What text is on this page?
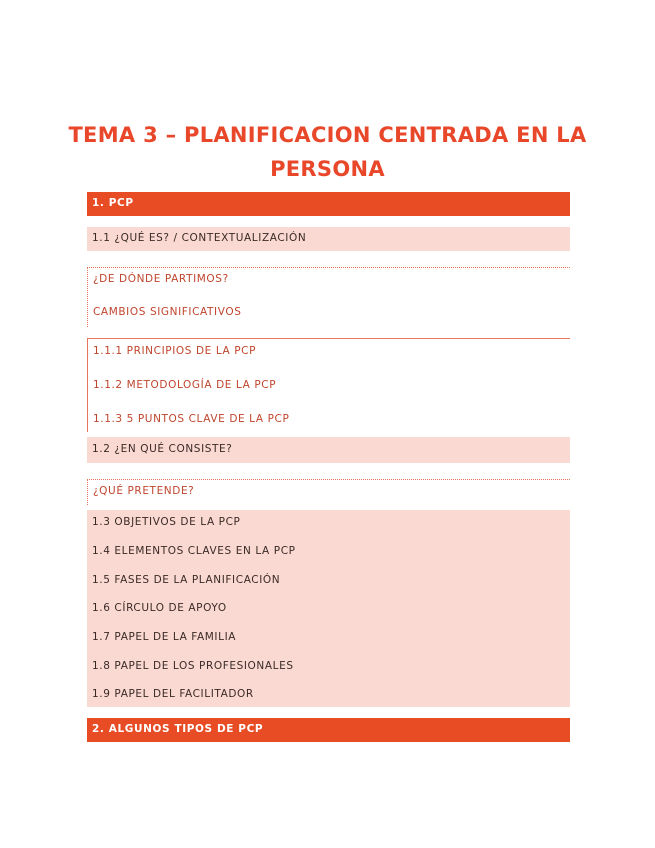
TEMA 3 – PLANIFICACION CENTRADA EN LA
PERSONA
1. PCP
1.1 ¿QUÉ ES? / CONTEXTUALIZACIÓN
¿DE DÓNDE PARTIMOS?
CAMBIOS SIGNIFICATIVOS
1.1.1 PRINCIPIOS DE LA PCP
1.1.2 METODOLOGÍA DE LA PCP
1.1.3 5 PUNTOS CLAVE DE LA PCP
1.2 ¿EN QUÉ CONSISTE?
¿QUÉ PRETENDE?
1.3 OBJETIVOS DE LA PCP
1.4 ELEMENTOS CLAVES EN LA PCP
1.5 FASES DE LA PLANIFICACIÓN
1.6 CÍRCULO DE APOYO
1.7 PAPEL DE LA FAMILIA
1.8 PAPEL DE LOS PROFESIONALES
1.9 PAPEL DEL FACILITADOR
2. ALGUNOS TIPOS DE PCP
